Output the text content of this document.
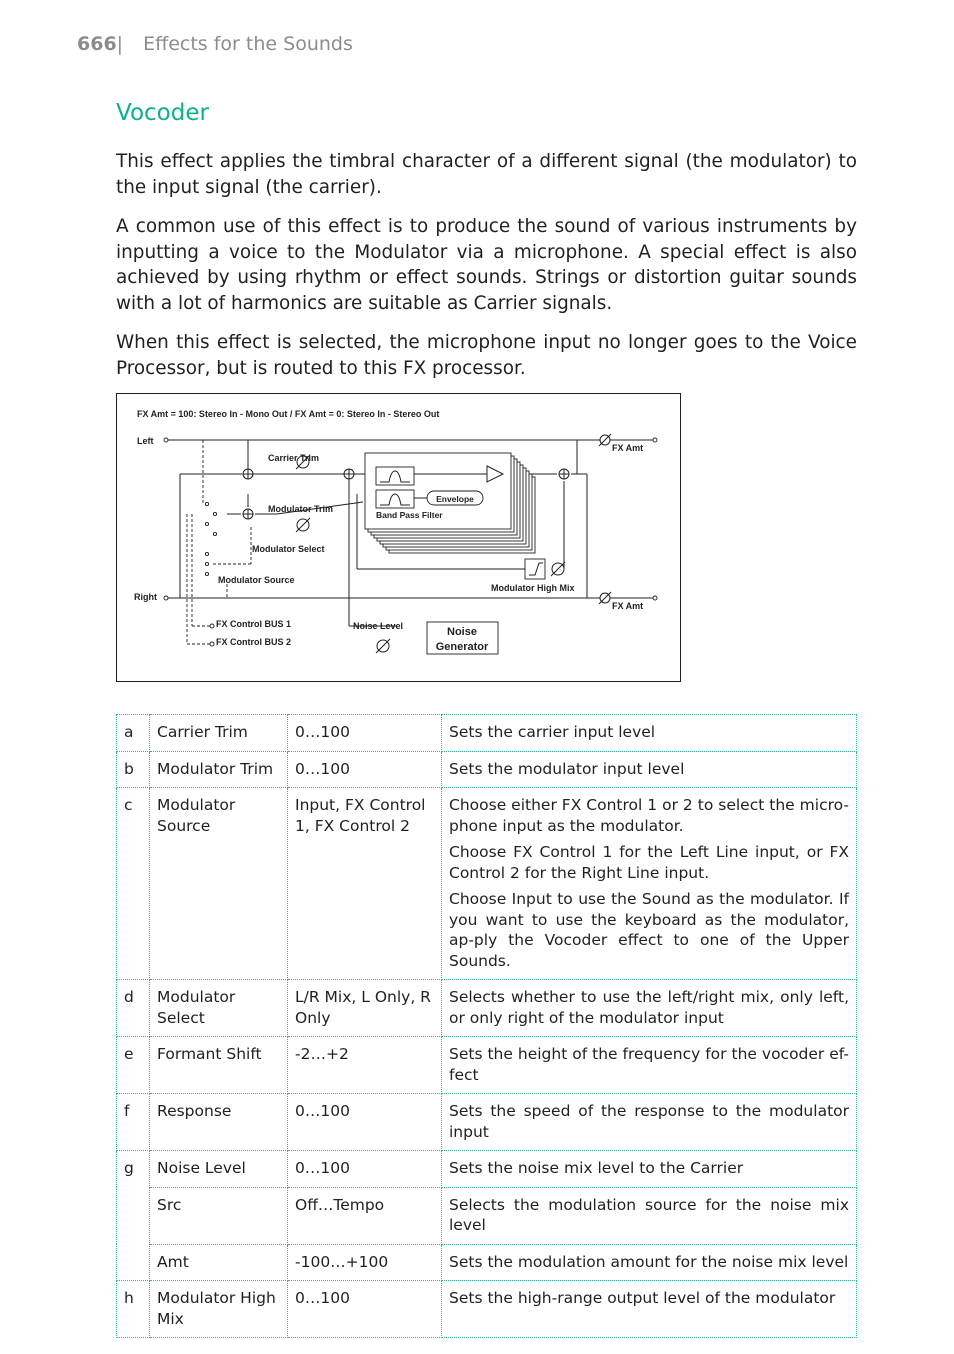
666| Effects for the Sounds
Vocoder

This effect applies the timbral character of a different signal (the modulator) to the input signal (the carrier).

A common use of this effect is to produce the sound of various instruments by inputting a voice to the Modulator via a microphone. A special effect is also achieved by using rhythm or effect sounds. Strings or distortion guitar sounds with a lot of harmonics are suitable as Carrier signals.

When this effect is selected, the microphone input no longer goes to the Voice Processor, but is routed to this FX processor.

FX Amt = 100: Stereo In - Mono Out / FX Amt = 0: Stereo In - Stereo Out
Left
Right
Carrier Trim
Modulator Trim
Modulator Select
Modulator Source
FX Control BUS 1
FX Control BUS 2
Noise Level	Noise
Generator
Envelope
Band Pass Filter
Modulator High Mix
FX Amt
FX Amt
a	Carrier Trim	0…100	Sets the carrier input level

b	Modulator Trim	0…100	Sets the modulator input level

c	Modulator Source	Input, FX Control 1, FX Control 2	Choose either FX Control 1 or 2 to select the micro-phone input as the modulator.

Choose FX Control 1 for the Left Line input, or FX Control 2 for the Right Line input.

Choose Input to use the Sound as the modulator. If you want to use the keyboard as the modulator, ap-ply the Vocoder effect to one of the Upper Sounds.

d	Modulator Select	L/R Mix, L Only, R Only	Selects whether to use the left/right mix, only left, or only right of the modulator input

e	Formant Shift	-2…+2	Sets the height of the frequency for the vocoder ef-fect

f	Response	0…100	Sets the speed of the response to the modulator input

g	Noise Level	0…100	Sets the noise mix level to the Carrier

	Src	Off…Tempo	Selects the modulation source for the noise mix level

	Amt	-100…+100	Sets the modulation amount for the noise mix level

h	Modulator High Mix	0…100	Sets the high-range output level of the modulator
